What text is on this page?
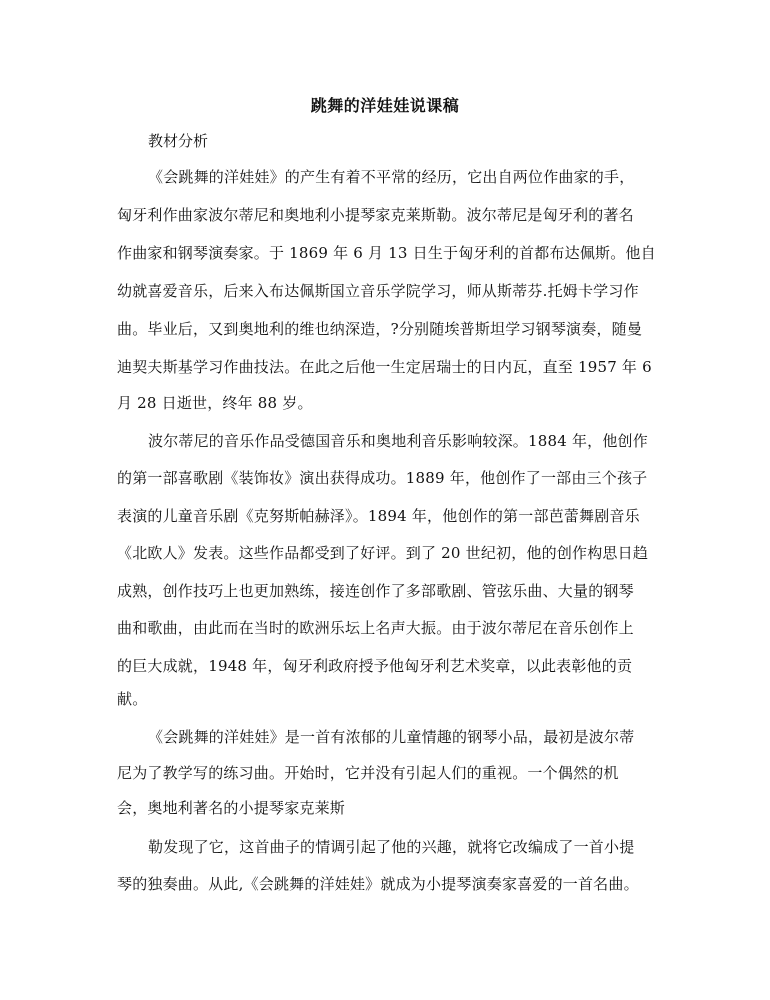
跳舞的洋娃娃说课稿
教材分析
《会跳舞的洋娃娃》的产生有着不平常的经历，它出自两位作曲家的手，
匈牙利作曲家波尔蒂尼和奥地利小提琴家克莱斯勒。波尔蒂尼是匈牙利的著名
作曲家和钢琴演奏家。于 1869 年 6 月 13 日生于匈牙利的首都布达佩斯。他自
幼就喜爱音乐，后来入布达佩斯国立音乐学院学习，师从斯蒂芬.托姆卡学习作
曲。毕业后，又到奥地利的维也纳深造，?分别随埃普斯坦学习钢琴演奏，随曼
迪契夫斯基学习作曲技法。在此之后他一生定居瑞士的日内瓦，直至 1957 年 6
月 28 日逝世，终年 88 岁。
波尔蒂尼的音乐作品受德国音乐和奥地利音乐影响较深。1884 年，他创作
的第一部喜歌剧《装饰妆》演出获得成功。1889 年，他创作了一部由三个孩子
表演的儿童音乐剧《克努斯帕赫泽》。1894 年，他创作的第一部芭蕾舞剧音乐
《北欧人》发表。这些作品都受到了好评。到了 20 世纪初，他的创作构思日趋
成熟，创作技巧上也更加熟练，接连创作了多部歌剧、管弦乐曲、大量的钢琴
曲和歌曲，由此而在当时的欧洲乐坛上名声大振。由于波尔蒂尼在音乐创作上
的巨大成就，1948 年，匈牙利政府授予他匈牙利艺术奖章，以此表彰他的贡
献。
《会跳舞的洋娃娃》是一首有浓郁的儿童情趣的钢琴小品，最初是波尔蒂
尼为了教学写的练习曲。开始时，它并没有引起人们的重视。一个偶然的机
会，奥地利著名的小提琴家克莱斯
勒发现了它，这首曲子的情调引起了他的兴趣，就将它改编成了一首小提
琴的独奏曲。从此,《会跳舞的洋娃娃》就成为小提琴演奏家喜爱的一首名曲。
